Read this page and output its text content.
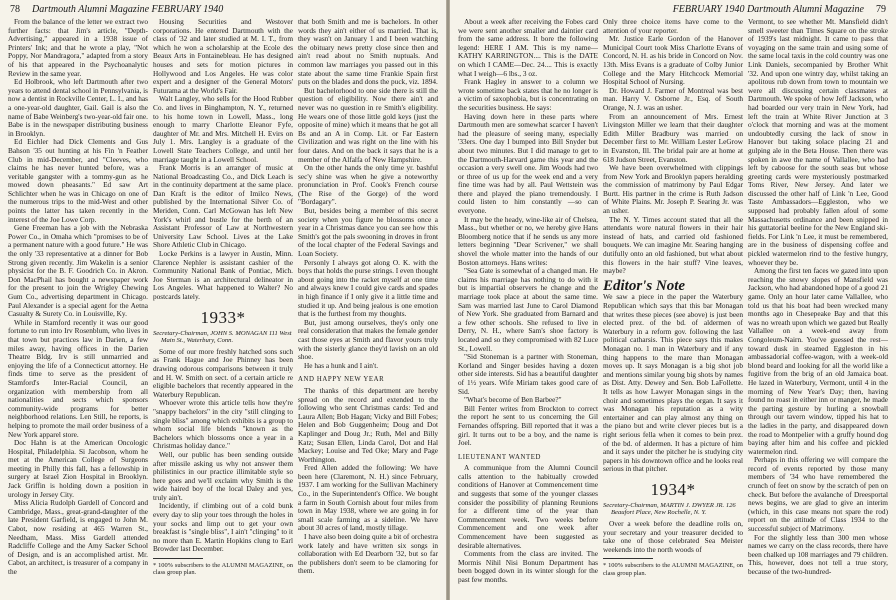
78 Dartmouth Alumni Magazine FEBRUARY 1940

From the balance of the letter we extract two further facts: that Jim's article, "Depth-Advertising," appeared in a 1938 issue of Printers' Ink; and that he wrote a play, "Not Poppy, Nor Mandragora," adapted from a story of his that appeared in the Psychoanalytic Review in the same year.

Ed Holbrook, who left Dartmouth after two years to attend dental school in Pennsylvania, is now a dentist in Rockville Center, L. I., and has a one-year-old daughter, Gail. Gail is also the name of Babe Weinberg's two-year-old fair one. Babe is in the newspaper distributing business in Brooklyn.

Ed Eichler had Dick Clements and Gus Bahson '35 out hunting at his Fin 'n Feather Club in mid-December, and "Cleeves, who claims he has never hunted before, was a veritable gangster with a tommy-gun as he mowed down pheasants." Ed saw Art Schlichter when he was in Chicago on one of the numerous trips to the mid-West and other points the latter has taken recently in the interest of the Joe Lowe Corp.

Gene Freeman has a job with the Nebraska Power Co., in Omaha which "promises to be of a permanent nature with a good future." He was the only '33 representative at a dinner for Bob Strong given recently. Jim Wakelin is a senior physicist for the B. F. Goodrich Co. in Akron. Don MacPhail has bought a newspaper work for the present to join the Wrigley Chewing Gum Co., advertising department in Chicago. Paul Alexander is a special agent for the Aetna Casualty & Surety Co. in Louisville, Ky.

While in Stamford recently it was our good fortune to run into Irv Rosenblum, who lives in that town but practices law in Darien, a few miles away, having offices in the Darien Theatre Bldg. Irv is still unmarried and enjoying the life of a Connecticut attorney. He finds time to serve as the president of Stamford's Inter-Racial Council, an organization with membership from all nationalities and sects which sponsors community-wide programs for better neighborhood relations. Len Still, he reports, is helping to promote the mail order business of a New York apparel store.

Doc Hahn is at the American Oncologic Hospital, Philadelphia. Si Jacobson, whom he met at the American College of Surgeons meeting in Philly this fall, has a fellowship in surgery at Israel Zion Hospital in Brooklyn. Jack Griffin is holding down a position in urology in Jersey City.

Miss Alicia Rudolph Gardell of Concord and Cambridge, Mass., great-grand-daughter of the late President Garfield, is engaged to John M. Cabot, now residing at 465 Warren St., Needham, Mass. Miss Gardell attended Radcliffe College and the Amy Sacker School of Design, and is an accomplished artist. Mr. Cabot, an architect, is treasurer of a company in the

Housing Securities and Westover corporations. He entered Dartmouth with the class of '32 and later studied at M. I. T., from which he won a scholarship at the Ecole des Beaux Arts in Fontainebleau. He has designed houses and sets for motion pictures in Hollywood and Los Angeles. He was color expert and a designer of the General Motors' Futurama at the World's Fair.

Walt Langley, who sells for the Hood Rubber Co. and lives in Binghampton, N. Y., returned to his home town in Lowell, Mass., long enough to marry Charlotte Eleanor Fyfe, daughter of Mr. and Mrs. Mitchell H. Evirs on July 1. Mrs. Langley is a graduate of the Lowell State Teachers College, and until her marriage taught in a Lowell School.

Frank Morris is an arranger of music at National Broadcasting Co., and Dick Leach is in the continuity department at the same place. Dan Kraft is the editor of Imilco News, published by the International Silver Co. of Meriden, Conn. Carl McGowan has left New York's whirl and bustle for the berth of an Assistant Professor of Law at Northwestern University Law School. Lives at the Lake Shore Athletic Club in Chicago.

Locke Perkins is a lawyer in Austin, Minn. Clarence Nephler is assistant cashier of the Community National Bank of Pontiac, Mich. Joe Sterman is an architectural delineator in Los Angeles. What happened to Walter? No postcards lately.

1933*
Secretary-Chairman, JOHN S. MONAGAN 111 West Main St., Waterbury, Conn.

Some of our more freshly hatched sons such as Frank Hague and Joe Phinney has been drawing odorous comparisons between it truly and H. W. Smith on sect. of a certain article re eligible bachelors that recently appeared in the Waterbury Republican.

Whoever wrote this article tells how they're "snappy bachelors" in the city "still clinging to single bliss" among which exhibits is a group to whom social life blends "known as the Bachelors which blossoms once a year in a Christmas holiday dance."

Well, our public has been sending outside after missile asking us why not answer them philistinics in our practice illimitable style so here goes and we'll exclaim why Smith is the wide haired boy of the local Daley and yes, truly ain't.

Incidently, if climbing out of a cold bunk every day to slip your toes through the holes in your socks and limp out to get your own breakfast is "single bliss", I ain't "clinging" to it no more than E. Martin Hopkins clung to Earl Browder last December.

* 100% subscribers to the ALUMNI MAGAZINE, on class group plan.

that both Smith and me is bachelors. In other words they ain't either of us married. That is, they wasn't on January 1 and I been watching the obituary news pretty close since then and ain't read about no Smith nuptuals. And common law marriages you passed out in this state about the same time Frankie Spain first puts on the blades and dons the puck, viz. 1894.

But bachelorhood to one side there is still the question of eligibility. Now there ain't and never was no question in re Smith's eligibility. He wears one of those little gold keys (just the opposite of mine) which it means that he got all Bs and an A in Comp. Lit. or Far Eastern Civilization and was right on the line with his four dates. And on the back it says that he is a member of the Alfalfa of New Hampshire.

On the other hands the only time yr. bashful sec'y shine was when he give a noteworthy pronunciation in Prof. Cook's French course (The Rise of the Gorge) of the word "Bordagary".

But, besides being a member of this secret society when you figure he blossoms once a year in a Christmas dance you can see how this Smith's got the pals swooning in droves in front of the local chapter of the Federal Savings and Loan Society.

Personly I always got along O. K. with the boys that holds the purse strings. I even thought about going into the racket myself at one time and always knew I could give cards and spades in high finance if I only give it a little time and studied it up. And being jealous is one emotion that is the furthest from my thoughts.

But, just among ourselves, they's only one real consideration that makes the female gender cast those eyes at Smith and flavor yours truly with the sisterly glance they'd lavish on an old shoe.

He has a hunk and I ain't.

AND HAPPY NEW YEAR

The thanks of this department are hereby spread on the record and extended to the following who sent Christmas cards: Ted and Laura Allen; Bob Hagan; Vicky and Bill Fobes; Helen and Bob Guggenheim; Doug and Dot Kaplinger and Doug Jr.; Ruth, Mel and Billy Katz; Susan Ellen, Linda Carol, Dot and Hal Mackey; Louise and Ted Oke; Mary and Page Worthington.

Fred Allen added the following: We have been here (Claremont, N. H.) since February, 1937. I am working for the Sullivan Machinery Co., in the Superintendent's Office. We bought a farm in South Cornish about four miles from town in May 1938, where we are going in for small scale farming as a sideline. We have about 30 acres of land, mostly tillage.

I have also been doing quite a bit of orchestra work lately and have written six songs in collaboration with Ed Dearborn '32, but so far the publishers don't seem to be clamoring for them.

FEBRUARY 1940 Dartmouth Alumni Magazine 79

About a week after receiving the Fobes card we were sent another smaller and daintier card from the same address. It bore the following legend: HERE I AM. This is my name—KATHY KARRINGTON.... This is the DATE on which I CAME—Dec. 24.... This is exactly what I weigh—6 lbs., 3 oz.

Frank Hagley in answer to a column we wrote sometime back states that he no longer is a victim of saxophobia, but is concentrating on the securities business. He says:

Having down here in these parts where Dartmouth men are somewhat scarcer I haven't had the pleasure of seeing many, especially '33ers. One day I bumped into Bill Snyder but about two minutes. But I did manage to get to the Dartmouth-Harvard game this year and the occasion a very swell one. Jim Woods had two or three of us up for the week end and a very fine time was had by all. Paul Wettstein was there and played the piano tremendously. I could listen to him constantly —so can everyone.

It may be the heady, wine-like air of Chelsea, Mass., but whether or no, we hereby give Hans Bloomberg notice that if he sends us any more letters beginning "Dear Scrivener," we shall shovel the whole matter into the hands of our Boston attorneys. Hans writes:

"Sea Gate is somewhat of a changed man. He claims his marriage has nothing to do with it but is impartial observers he change and the marriage took place at about the same time. Sam was married last June to Carol Diamond of New York. She graduated from Barnard and a few other schools. She refused to live in Derry, N. H., where Sam's shoe factory is located and so they compromised with 82 Luce St., Lowell.

"Sid Stoneman is a partner with Stoneman, Korland and Singer besides having a dozen other side interests. Sid has a beautiful daughter of 1½ years. Wife Miriam takes good care of Sid.

"What's become of Ben Barbee?"

Bill Fenter writes from Brockton to correct the report he sent to us concerning the Gil Fernandes offspring. Bill reported that it was a girl. It turns out to be a boy, and the name is Joel.

LIEUTENANT WANTED

A communique from the Alumni Council calls attention to the habitually crowded conditions of Hanover at Commencement time and suggests that some of the younger classes consider the possibility of planning Reunions for a different time of the year than Commencement week. Two weeks before Commencement and one week after Commencement have been suggested as desirable alternatives.

Comments from the class are invited. The Mormis Nihil Nisi Bonum Department has been bogged down in its winter slough for the past few months.

Only three choice items have come to the attention of your reporter.

Mr. Justice Earle Gordon of the Hanover Municipal Court took Miss Charlotte Evans of Concord, N. H. as his bride in Concord on Nov. 13th. Miss Evans is a graduate of Colby Junior College and the Mary Hitchcock Memorial Hospital School of Nursing.

Dr. Howard J. Farmer of Montreal was best man. Harry V. Osborne Jr., Esq. of South Orange, N. J. was an usher.

From an announcement of Mrs. Ernest Livingston Miller we learn that their daughter Edith Miller Bradbury was married on December first to Mr. William Lester LeGrow in Evanston, Ill. The bridal pair are at home at 618 Judson Street, Evanston.

We have been overwhelmed with clippings from New York and Brooklyn papers heralding the commission of matrimony by Paul Edgar Burtt. His partner in the crime is Ruth Jadson of White Plains. Mr. Joseph P. Searing Jr. was an usher.

The N. Y. Times account stated that all the attendants wore natural flowers in their hair instead of hats, and carried old fashioned bouquets. We can imagine Mr. Searing hanging dutifully onto an old fashioned, but what about this flowers in the hair stuff? Vine leaves, maybe?

Editor's Note

We saw a piece in the paper the Waterbury Republican which says that this bar Monagan that writes these pieces (see above) is just been elected prez. of the bd. of aldermen of Waterbury in a reform gov. following the last political catharsis. This piece says this makes Monagan no. 1 man in Waterbury and if any thing happens to the mare than Monagan moves up. It says Monagan is a big shot job and mentions similar young big shots by names as Dist. Atty. Dewey and Sen. Bob LaFollette. It tells as how Lawyer Monagan sings in the choir and sometimes plays the organ. It says it was Monagan his reputation as a wity entertainer and can play almost any thing on the piano but and write clever pieces but is a right serious fella when it comes to bein prez. of the bd. of aldermen. It has a picture of him and it says under the pitcher he is studying city papers in his downtown office and he looks real serious in that pitcher.

1934*
Secretary-Chairman, MARTIN J. DWYER JR. 126 Beaufort Place, New Rochelle, N. Y.

Over a week before the deadline rolls on, your secretary and your treasurer decided to take one of those celebrated Sea Meister weekends into the north woods of

* 100% subscribers to the ALUMNI MAGAZINE, on class group plan.

Vermont, to see whether Mt. Mansfield didn't smell sweeter than Times Square on the stroke of 1939's last midnight. It came to pass that voyaging on the same train and using some of the same local taxis in the cold country was one Link Daniels, secompanied by Brother Whit '32. And upon one wintry day, whilst taking an apolitous rub down from town to mountain we were all discussing certain classmates at Dartmouth. We spoke of how Jeff Jackson, who had boarded our very train in New York, had left the train at White River Junction at 3 o'clock that morning and was at the moment undoubtedly cursing the lack of snow in Hanover but taking solace placing 21 and gulping ale in the Beta House. Then there was spoken in awe the name of Vallallee, who had left by caboose for the south seas but whose greeting cards were mysteriously postmarked Toms River, New Jersey. And later we discussed the other half of Link 'n Lee, Good Taste Ambassadors—Eggleston, who we supposed had probably fallen afoul of some Massachusetts ordinance and been snipped in his guttatorial beeline for the New England ski-fields. For Link 'n Lee, it must be remembered, are in the business of dispensing coffee and pickled watermelon rind to the festive hungry, whoever they be.

Among the first ten faces we gazed into upon reaching the snowy slopes of Mansfield was Jackson, who had abandoned hope of a good 21 game. Only an hour later came Vallallee, who told us that his boat had been wrecked many months ago in Chesepeake Bay and that this was no wreath upon which we gazed but Really Vallallee on a week-end away from Congoleum-Nairn. You've guessed the rest—toward dusk in steamed Eggleston in his ambassadorial coffee-wagon, with a week-old blond beard and looking for all the world like a fugitive from the brig of an old Jamaica boat. He lazed in Waterbury, Vermont, until 4 in the morning of New Year's Day; then, having found no roast in either inn or manger, he made the parting gesture by hurling a snowball through our tavern window, tipped his hat to the ladies in the party, and disappeared down the road to Montpelier with a gruffy hound dog baying after him and his coffee and pickled watermelon rind.

Perhaps in this offering we will compare the record of events reported by those many members of '34 who have remembered the crunch of feet on snow by the scratch of pen on check. But before the avalanche of Dreesportal news begins, we are glad to give an interim (which, in this case means not spare the rod) report on the attitude of Class 1934 to the successful subject of Matrimony.

For the slightly less than 300 men whose names we carry on the class records, there have been chalked up 108 marriages and 79 children. This, however, does not tell a true story, because of the two-hundred-
